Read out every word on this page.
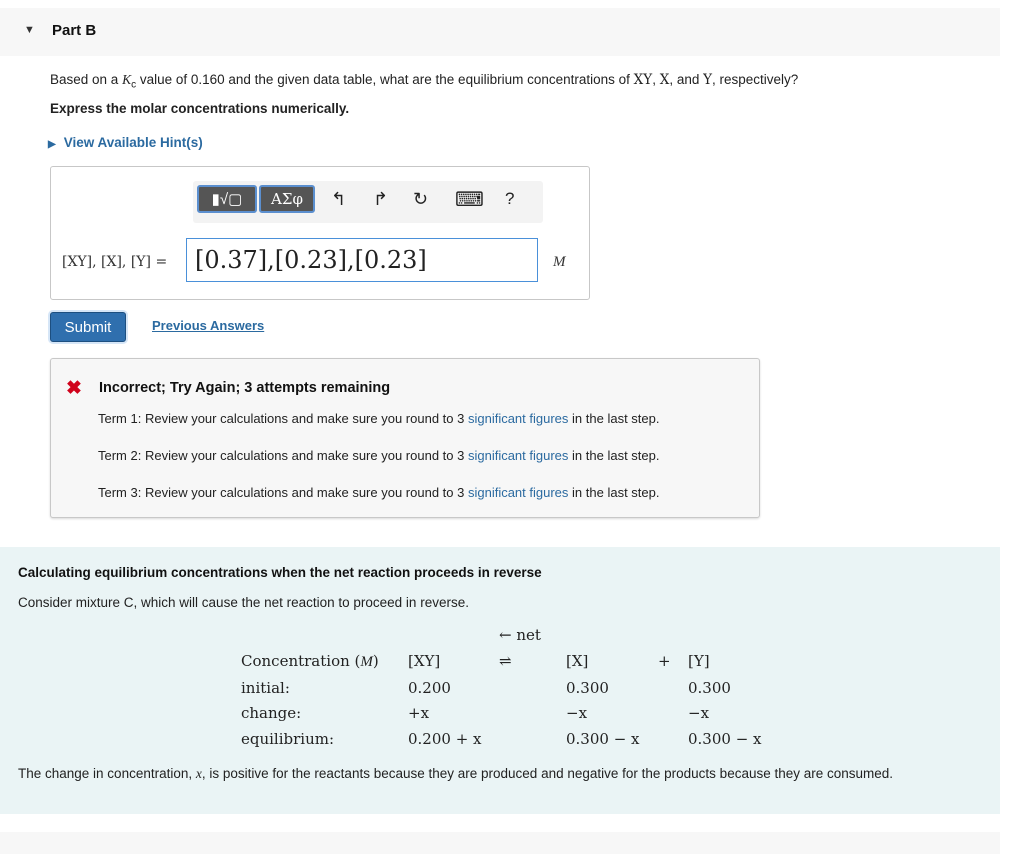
▼ Part B
Based on a $K_c$ value of 0.160 and the given data table, what are the equilibrium concentrations of XY, X, and Y, respectively?
Express the molar concentrations numerically.
▶ View Available Hint(s)
▮√▢	ΑΣφ	↰ ↱ ↻ ⌨ ?
[XY], [X], [Y] =
[0.37],[0.23],[0.23]	M
Submit	Previous Answers
✖ Incorrect; Try Again; 3 attempts remaining
Term 1: Review your calculations and make sure you round to 3 significant figures in the last step.
Term 2: Review your calculations and make sure you round to 3 significant figures in the last step.
Term 3: Review your calculations and make sure you round to 3 significant figures in the last step.
Calculating equilibrium concentrations when the net reaction proceeds in reverse
Consider mixture C, which will cause the net reaction to proceed in reverse.
← net
Concentration (M) [XY]	⇌	[X]	+ [Y]
initial:	0.200	0.300	0.300
change:	+x	−x	−x
equilibrium:	0.200 + x	0.300 − x	0.300 − x
The change in concentration, x, is positive for the reactants because they are produced and negative for the products because they are consumed.
